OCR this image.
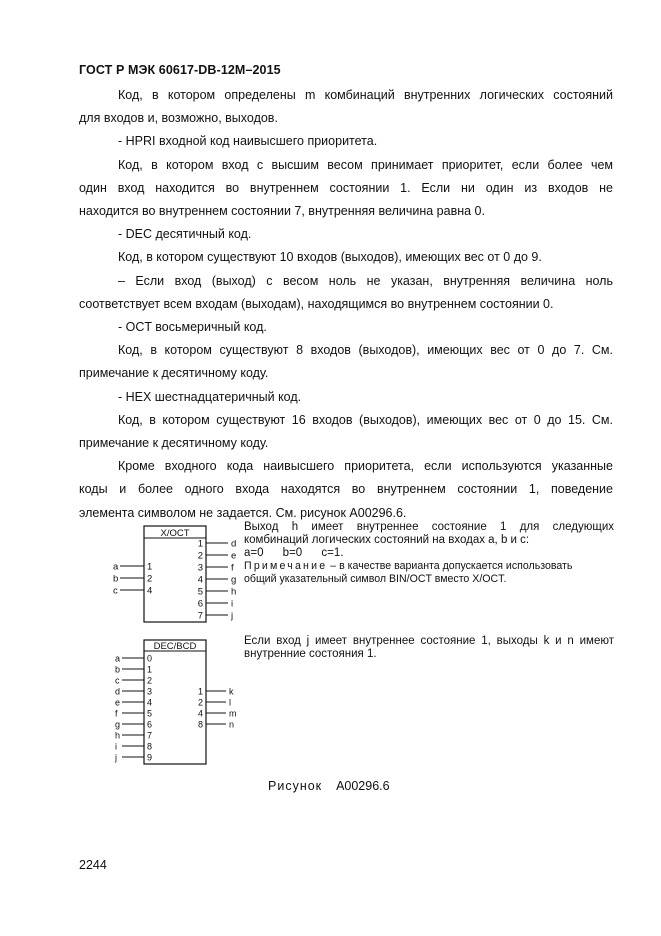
ГОСТ Р МЭК 60617-DB-12M–2015

Код, в котором определены m комбинаций внутренних логических состояний

для входов и, возможно, выходов.

- HPRI входной код наивысшего приоритета.

Код, в котором вход с высшим весом принимает приоритет, если более чем

один вход находится во внутреннем состоянии 1. Если ни один из входов не

находится во внутреннем состоянии 7, внутренняя величина равна 0.

- DEC десятичный код.

Код, в котором существуют 10 входов (выходов), имеющих вес от 0 до 9.

– Если вход (выход) с весом ноль не указан, внутренняя величина ноль

соответствует всем входам (выходам), находящимся во внутреннем состоянии 0.

- OCT восьмеричный код.

Код, в котором существуют 8 входов (выходов), имеющих вес от 0 до 7. См.

примечание к десятичному коду.

- HEX шестнадцатеричный код.

Код, в котором существуют 16 входов (выходов), имеющих вес от 0 до 15. См.

примечание к десятичному коду.

Кроме входного кода наивысшего приоритета, если используются указанные

коды и более одного входа находятся во внутреннем состоянии 1, поведение

элемента символом не задается. См. рисунок А00296.6.

X/OCT
a	1
b	2
c	4
1	d
2	e
3	f
4	g
5	h
6	i
7	j

Выход h имеет внутреннее состояние 1 для следующих

комбинаций логических состояний на входах a, b и c:

a=0      b=0      c=1.

Примечание – в качестве варианта допускается использовать

общий указательный символ BIN/OCT вместо X/OCT.

DEC/BCD
a	0
b	1
c	2
d	3
e	4
f	5
g	6
h	7
i	8
j	9
1	k
2	l
4	m
8	n

Если вход j имеет внутреннее состояние 1, выходы k и n имеют

внутренние состояния 1.

Рисунок А00296.6
2244
